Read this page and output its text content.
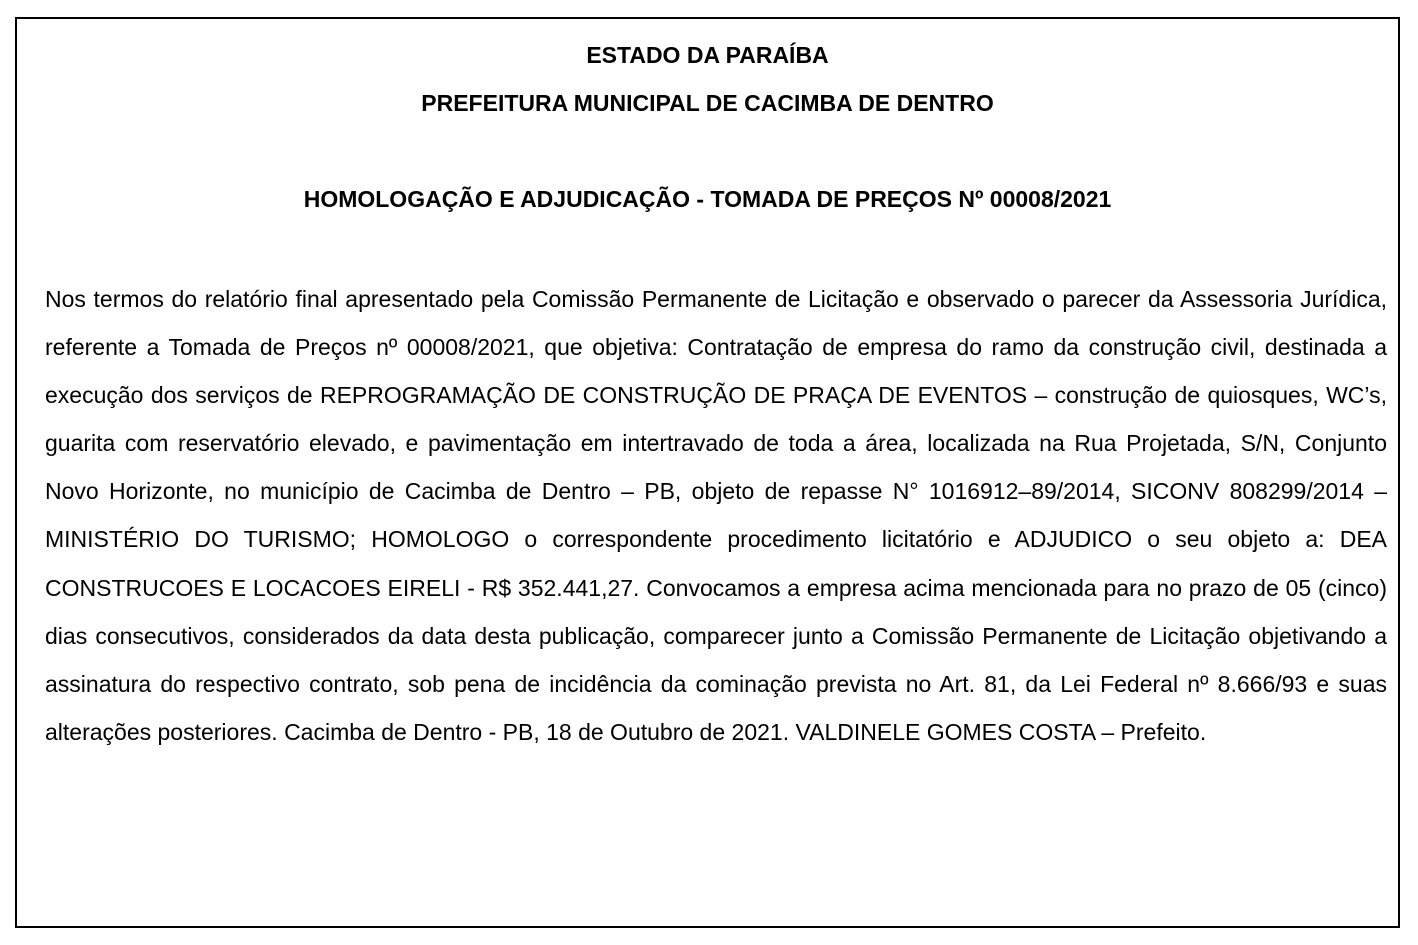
ESTADO DA PARAÍBA
PREFEITURA MUNICIPAL DE CACIMBA DE DENTRO
HOMOLOGAÇÃO E ADJUDICAÇÃO - TOMADA DE PREÇOS Nº 00008/2021
Nos termos do relatório final apresentado pela Comissão Permanente de Licitação e observado o parecer da Assessoria Jurídica, referente a Tomada de Preços nº 00008/2021, que objetiva: Contratação de empresa do ramo da construção civil, destinada a execução dos serviços de REPROGRAMAÇÃO DE CONSTRUÇÃO DE PRAÇA DE EVENTOS – construção de quiosques, WC’s, guarita com reservatório elevado, e pavimentação em intertravado de toda a área, localizada na Rua Projetada, S/N, Conjunto Novo Horizonte, no município de Cacimba de Dentro – PB, objeto de repasse N° 1016912–89/2014, SICONV 808299/2014 – MINISTÉRIO DO TURISMO; HOMOLOGO o correspondente procedimento licitatório e ADJUDICO o seu objeto a: DEA CONSTRUCOES E LOCACOES EIRELI - R$ 352.441,27. Convocamos a empresa acima mencionada para no prazo de 05 (cinco) dias consecutivos, considerados da data desta publicação, comparecer junto a Comissão Permanente de Licitação objetivando a assinatura do respectivo contrato, sob pena de incidência da cominação prevista no Art. 81, da Lei Federal nº 8.666/93 e suas alterações posteriores. Cacimba de Dentro - PB, 18 de Outubro de 2021. VALDINELE GOMES COSTA – Prefeito.
